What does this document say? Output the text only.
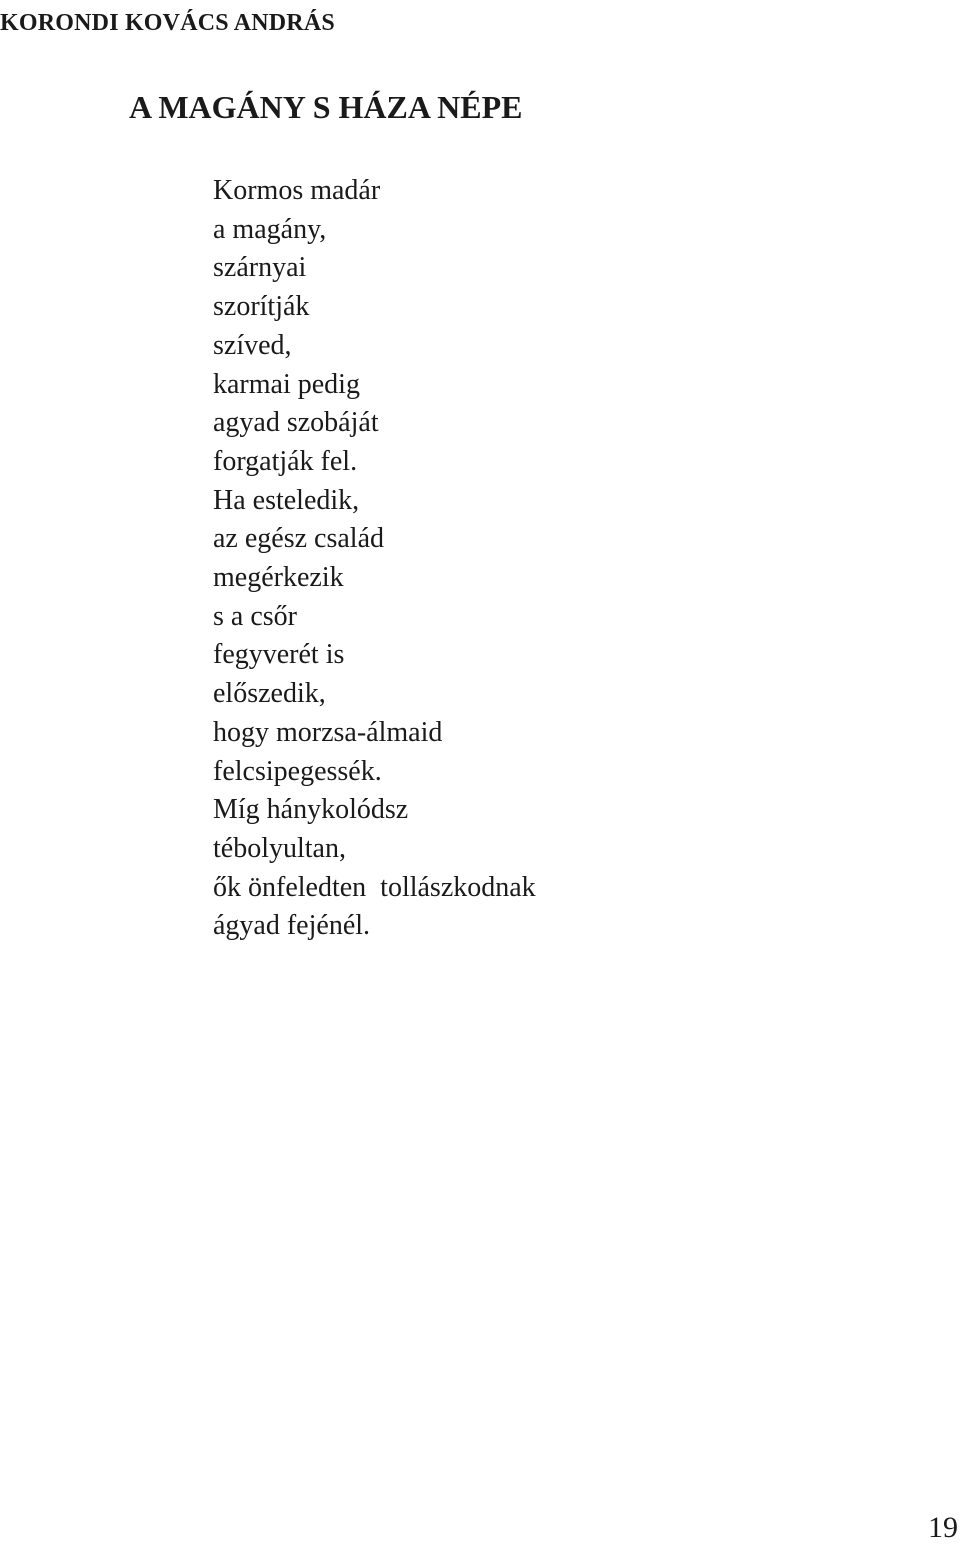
KORONDI KOVÁCS ANDRÁS
A MAGÁNY S HÁZA NÉPE
Kormos madár
a magány,
szárnyai
szorítják
szíved,
karmai pedig
agyad szobáját
forgatják fel.
Ha esteledik,
az egész család
megérkezik
s a csőr
fegyverét is
előszedik,
hogy morzsa-álmaid
felcsipegessék.
Míg hánykolódsz
tébolyultan,
ők önfeledten  tollászkodnak
ágyad fejénél.

19
